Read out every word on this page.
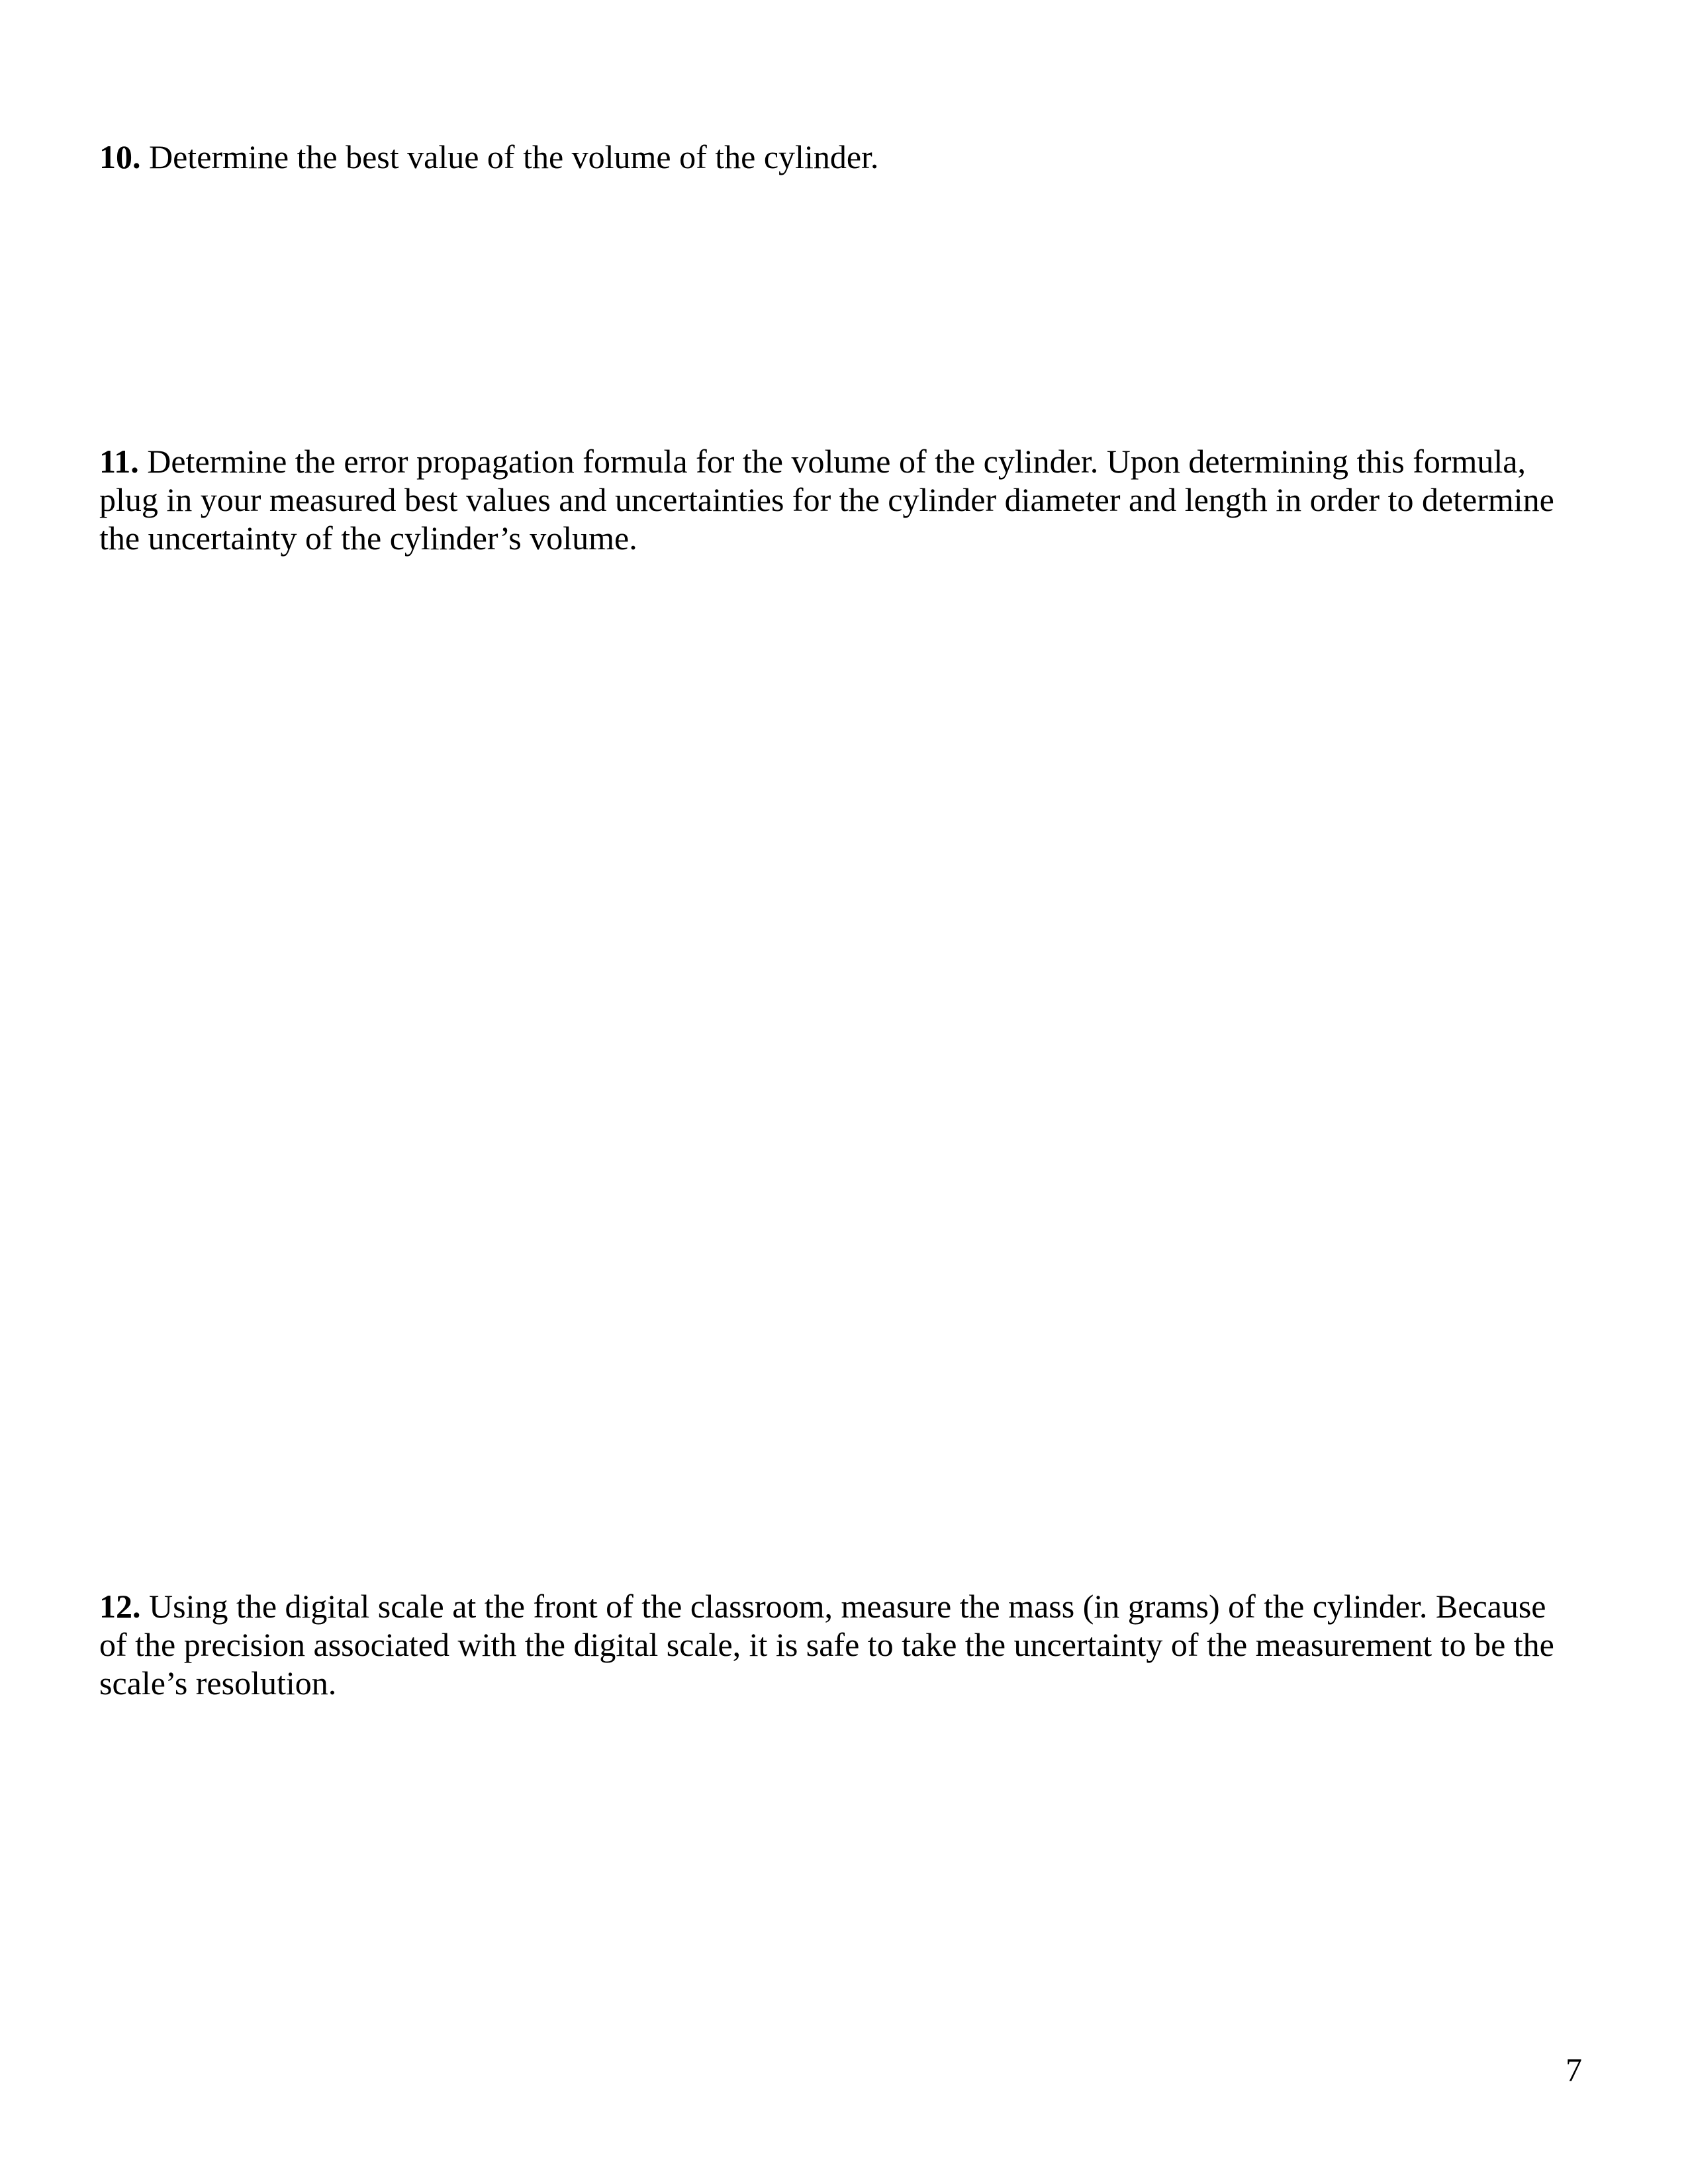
10. Determine the best value of the volume of the cylinder.

11. Determine the error propagation formula for the volume of the cylinder. Upon determining this formula, plug in your measured best values and uncertainties for the cylinder diameter and length in order to determine the uncertainty of the cylinder’s volume.

12. Using the digital scale at the front of the classroom, measure the mass (in grams) of the cylinder. Because of the precision associated with the digital scale, it is safe to take the uncertainty of the measurement to be the scale’s resolution.

7
